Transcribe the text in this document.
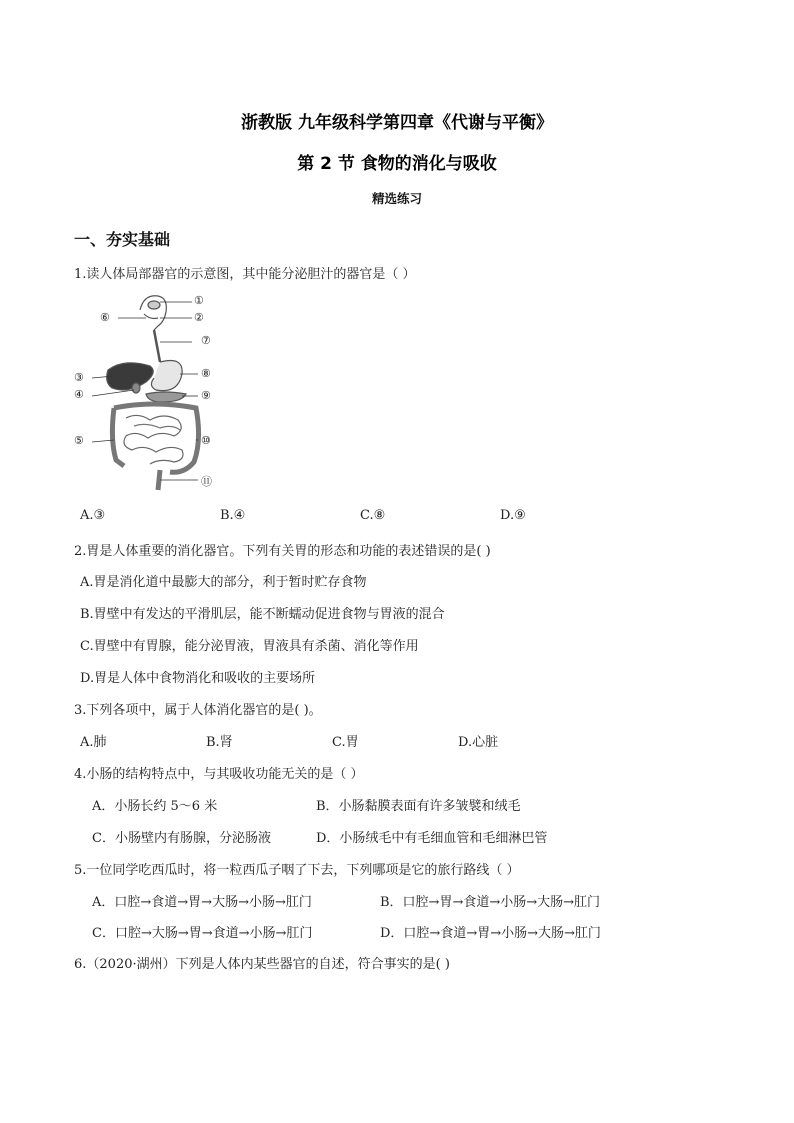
浙教版 九年级科学第四章《代谢与平衡》
第 2 节 食物的消化与吸收
精选练习
一、夯实基础
1.读人体局部器官的示意图，其中能分泌胆汁的器官是（ ）
①
②
⑥
⑦
③	⑧
④	⑨
⑤	⑩
⑪
A.③	B.④	C.⑧	D.⑨
2.胃是人体重要的消化器官。下列有关胃的形态和功能的表述错误的是( )
A.胃是消化道中最膨大的部分，利于暂时贮存食物
B.胃壁中有发达的平滑肌层，能不断蠕动促进食物与胃液的混合
C.胃壁中有胃腺，能分泌胃液，胃液具有杀菌、消化等作用
D.胃是人体中食物消化和吸收的主要场所
3.下列各项中，属于人体消化器官的是( )。
A.肺	B.肾	C.胃	D.心脏
4.小肠的结构特点中，与其吸收功能无关的是（ ）
A．小肠长约 5～6 米	B．小肠黏膜表面有许多皱襞和绒毛
C．小肠壁内有肠腺，分泌肠液	D．小肠绒毛中有毛细血管和毛细淋巴管
5.一位同学吃西瓜时，将一粒西瓜子咽了下去，下列哪项是它的旅行路线（ ）
A．口腔→食道→胃→大肠→小肠→肛门	B．口腔→胃→食道→小肠→大肠→肛门
C．口腔→大肠→胃→食道→小肠→肛门	D．口腔→食道→胃→小肠→大肠→肛门
6.（2020·湖州）下列是人体内某些器官的自述，符合事实的是( )
